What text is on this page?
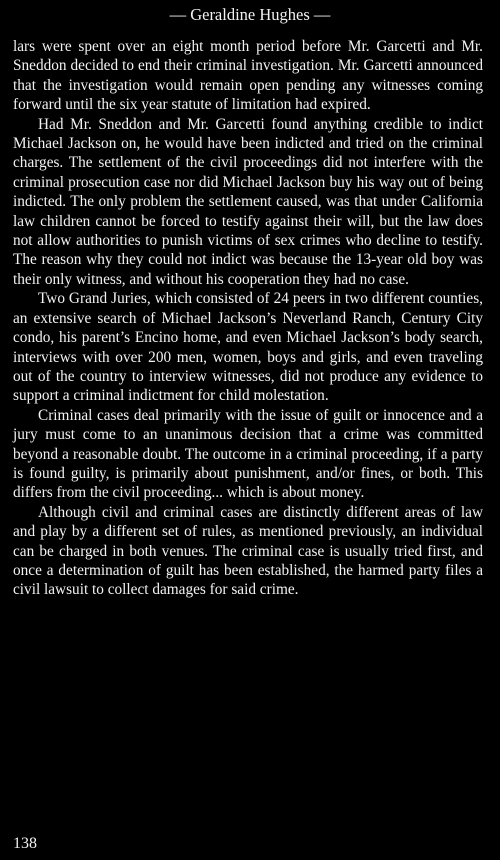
— Geraldine Hughes —

lars were spent over an eight month period before Mr. Garcetti and Mr. Sneddon decided to end their criminal investigation. Mr. Garcetti announced that the investigation would remain open pending any witnesses coming forward until the six year statute of limitation had expired.

Had Mr. Sneddon and Mr. Garcetti found anything credible to indict Michael Jackson on, he would have been indicted and tried on the criminal charges. The settlement of the civil proceedings did not interfere with the criminal prosecution case nor did Michael Jackson buy his way out of being indicted. The only problem the settlement caused, was that under California law children cannot be forced to testify against their will, but the law does not allow authorities to punish victims of sex crimes who decline to testify. The reason why they could not indict was because the 13-year old boy was their only witness, and without his cooperation they had no case.

Two Grand Juries, which consisted of 24 peers in two different counties, an extensive search of Michael Jackson’s Neverland Ranch, Century City condo, his parent’s Encino home, and even Michael Jackson’s body search, interviews with over 200 men, women, boys and girls, and even traveling out of the country to interview witnesses, did not produce any evidence to support a criminal indictment for child molestation.

Criminal cases deal primarily with the issue of guilt or innocence and a jury must come to an unanimous decision that a crime was committed beyond a reasonable doubt. The outcome in a criminal proceeding, if a party is found guilty, is primarily about punishment, and/or fines, or both. This differs from the civil proceeding... which is about money.

Although civil and criminal cases are distinctly different areas of law and play by a different set of rules, as mentioned previously, an individual can be charged in both venues. The criminal case is usually tried first, and once a determination of guilt has been established, the harmed party files a civil lawsuit to collect damages for said crime.

138
